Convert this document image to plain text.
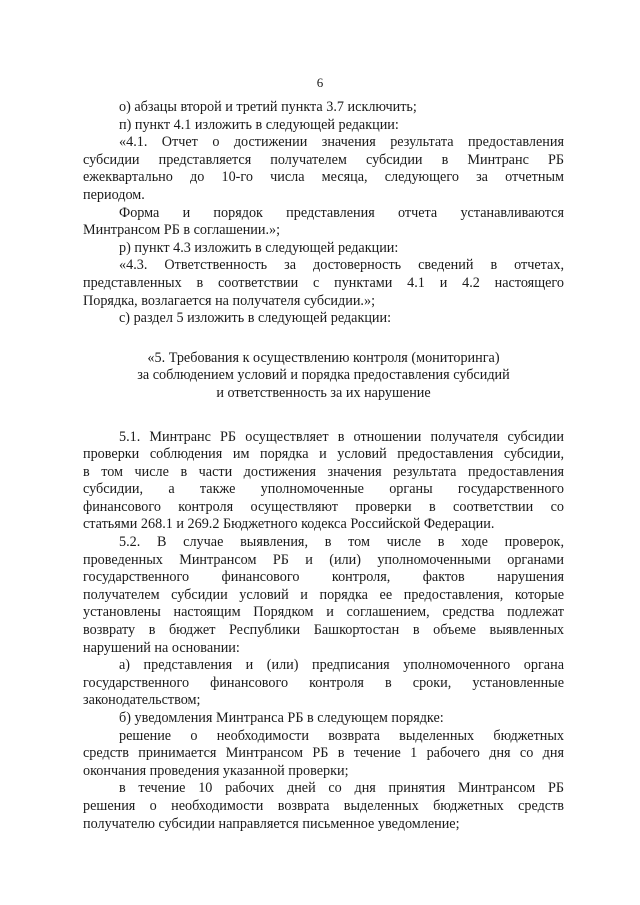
6
о) абзацы второй и третий пункта 3.7 исключить;
п) пункт 4.1 изложить в следующей редакции:
«4.1. Отчет о достижении значения результата предоставления
субсидии представляется получателем субсидии в Минтранс РБ
ежеквартально до 10-го числа месяца, следующего за отчетным
периодом.
Форма и порядок представления отчета устанавливаются
Минтрансом РБ в соглашении.»;
р) пункт 4.3 изложить в следующей редакции:
«4.3. Ответственность за достоверность сведений в отчетах,
представленных в соответствии с пунктами 4.1 и 4.2 настоящего
Порядка, возлагается на получателя субсидии.»;
с) раздел 5 изложить в следующей редакции:
«5. Требования к осуществлению контроля (мониторинга)
за соблюдением условий и порядка предоставления субсидий
и ответственность за их нарушение
5.1. Минтранс РБ осуществляет в отношении получателя субсидии
проверки соблюдения им порядка и условий предоставления субсидии,
в том числе в части достижения значения результата предоставления
субсидии, а также уполномоченные органы государственного
финансового контроля осуществляют проверки в соответствии со
статьями 268.1 и 269.2 Бюджетного кодекса Российской Федерации.
5.2. В случае выявления, в том числе в ходе проверок,
проведенных Минтрансом РБ и (или) уполномоченными органами
государственного финансового контроля, фактов нарушения
получателем субсидии условий и порядка ее предоставления, которые
установлены настоящим Порядком и соглашением, средства подлежат
возврату в бюджет Республики Башкортостан в объеме выявленных
нарушений на основании:
а) представления и (или) предписания уполномоченного органа
государственного финансового контроля в сроки, установленные
законодательством;
б) уведомления Минтранса РБ в следующем порядке:
решение о необходимости возврата выделенных бюджетных
средств принимается Минтрансом РБ в течение 1 рабочего дня со дня
окончания проведения указанной проверки;
в течение 10 рабочих дней со дня принятия Минтрансом РБ
решения о необходимости возврата выделенных бюджетных средств
получателю субсидии направляется письменное уведомление;
